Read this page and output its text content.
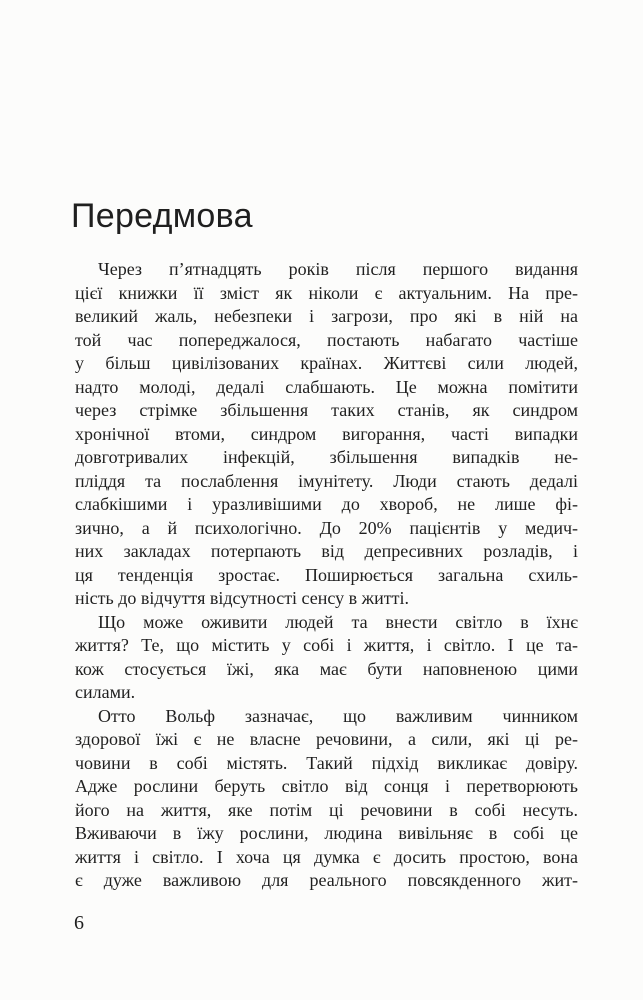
Передмова
Через п’ятнадцять років після першого видання
цієї книжки її зміст як ніколи є актуальним. На пре-
великий жаль, небезпеки і загрози, про які в ній на
той час попереджалося, постають набагато частіше
у більш цивілізованих країнах. Життєві сили людей,
надто молоді, дедалі слабшають. Це можна помітити
через стрімке збільшення таких станів, як синдром
хронічної втоми, синдром вигорання, часті випадки
довготривалих інфекцій, збільшення випадків не-
пліддя та послаблення імунітету. Люди стають дедалі
слабкішими і уразливішими до хвороб, не лише фі-
зично, а й психологічно. До 20% пацієнтів у медич-
них закладах потерпають від депресивних розладів, і
ця тенденція зростає. Поширюється загальна схиль-
ність до відчуття відсутності сенсу в житті.
Що може оживити людей та внести світло в їхнє
життя? Те, що містить у собі і життя, і світло. І це та-
кож стосується їжі, яка має бути наповненою цими
силами.
Отто Вольф зазначає, що важливим чинником
здорової їжі є не власне речовини, а сили, які ці ре-
човини в собі містять. Такий підхід викликає довіру.
Адже рослини беруть світло від сонця і перетворюють
його на життя, яке потім ці речовини в собі несуть.
Вживаючи в їжу рослини, людина вивільняє в собі це
життя і світло. І хоча ця думка є досить простою, вона
є дуже важливою для реального повсякденного жит-
6
